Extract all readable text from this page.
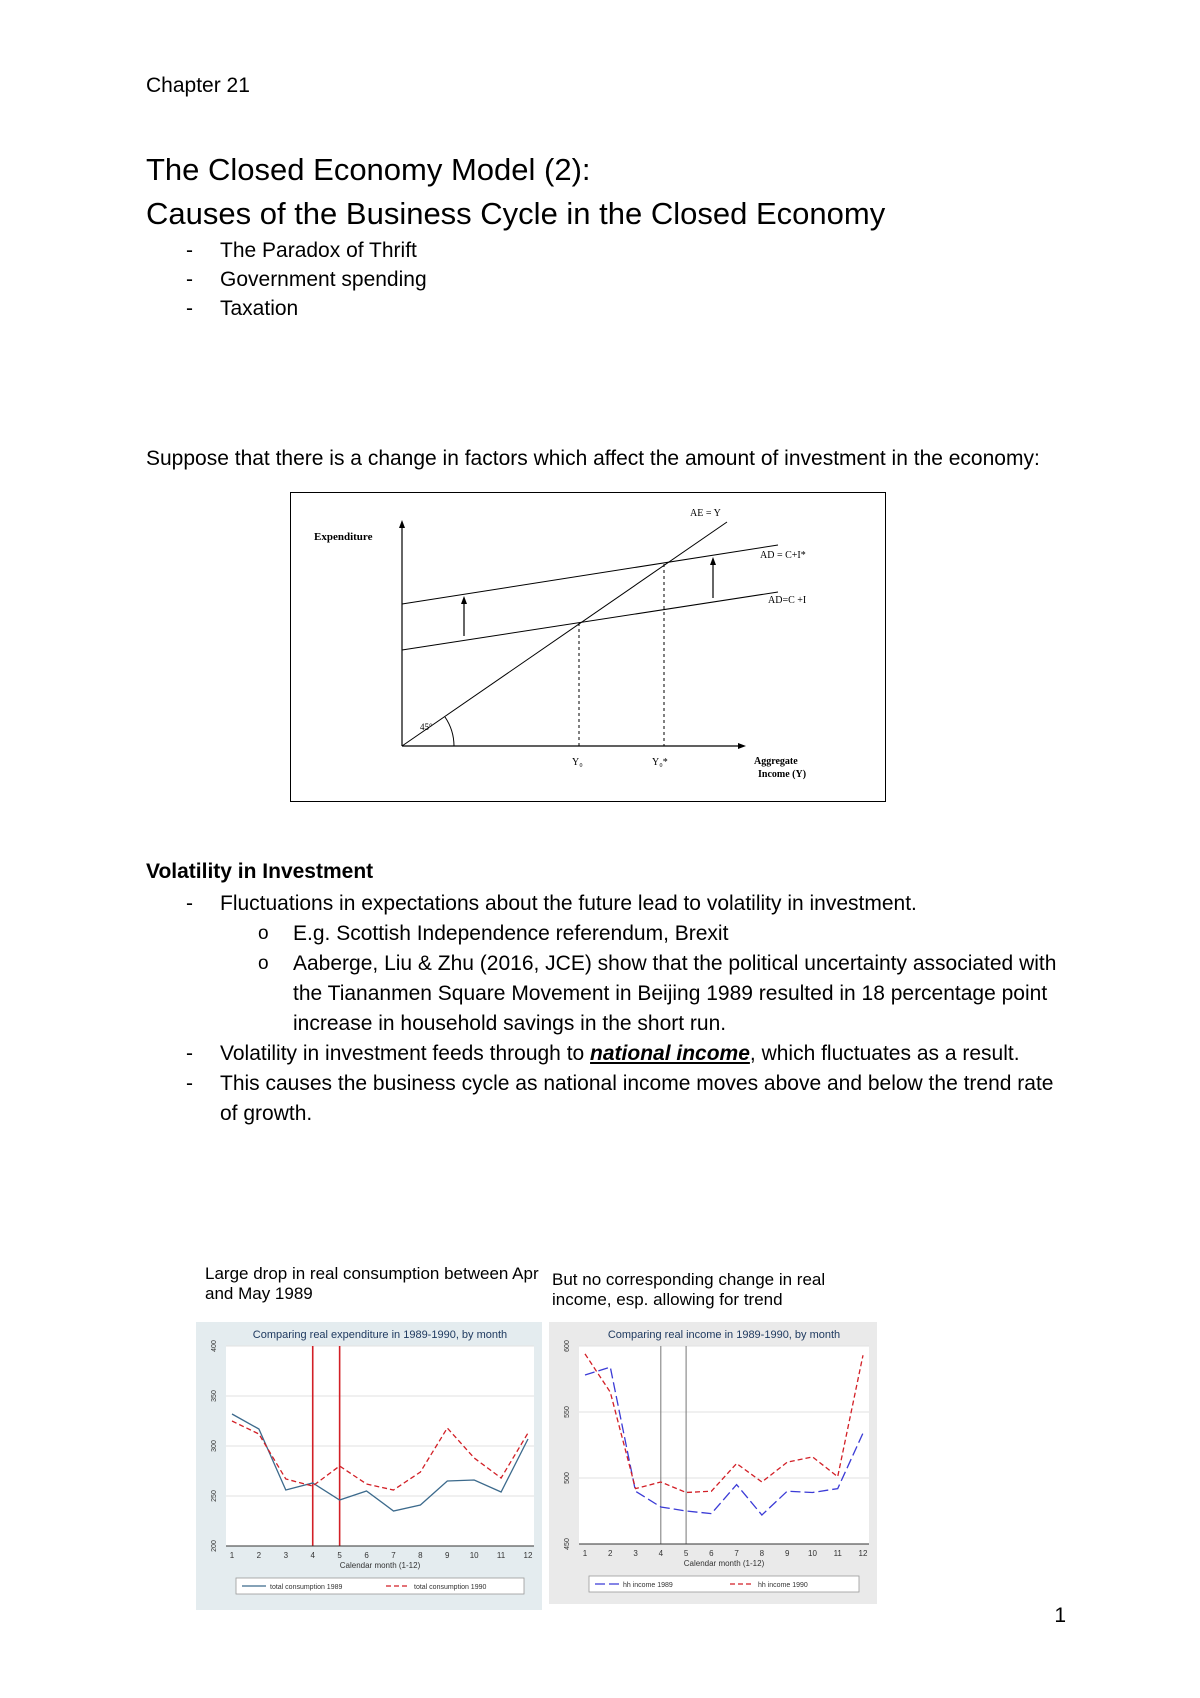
Chapter 21
The Closed Economy Model (2):
Causes of the Business Cycle in the Closed Economy
- The Paradox of Thrift
- Government spending
- Taxation
Suppose that there is a change in factors which affect the amount of investment in the economy:
Expenditure
AE = Y
AD = C+I*
AD=C +I
45°
Y₀	Y₀*	Aggregate
Income (Y)
Volatility in Investment
- Fluctuations in expectations about the future lead to volatility in investment.
o E.g. Scottish Independence referendum, Brexit
o Aaberge, Liu & Zhu (2016, JCE) show that the political uncertainty associated with the Tiananmen Square Movement in Beijing 1989 resulted in 18 percentage point increase in household savings in the short run.
- Volatility in investment feeds through to national income, which fluctuates as a result.
- This causes the business cycle as national income moves above and below the trend rate of growth.
Large drop in real consumption between Apr and May 1989
But no corresponding change in real income, esp. allowing for trend
Comparing real expenditure in 1989-1990, by month
400
350
300
250
200
1	2	3	4	5	6	7	8	9	10 11 12
Calendar month (1-12)
total consumption 1989	total consumption 1990
Comparing real income in 1989-1990, by month
600
550
500
450
1	2	3	4	5	6	7	8	9 10 11 12
Calendar month (1-12)
hh income 1989	hh income 1990
1
